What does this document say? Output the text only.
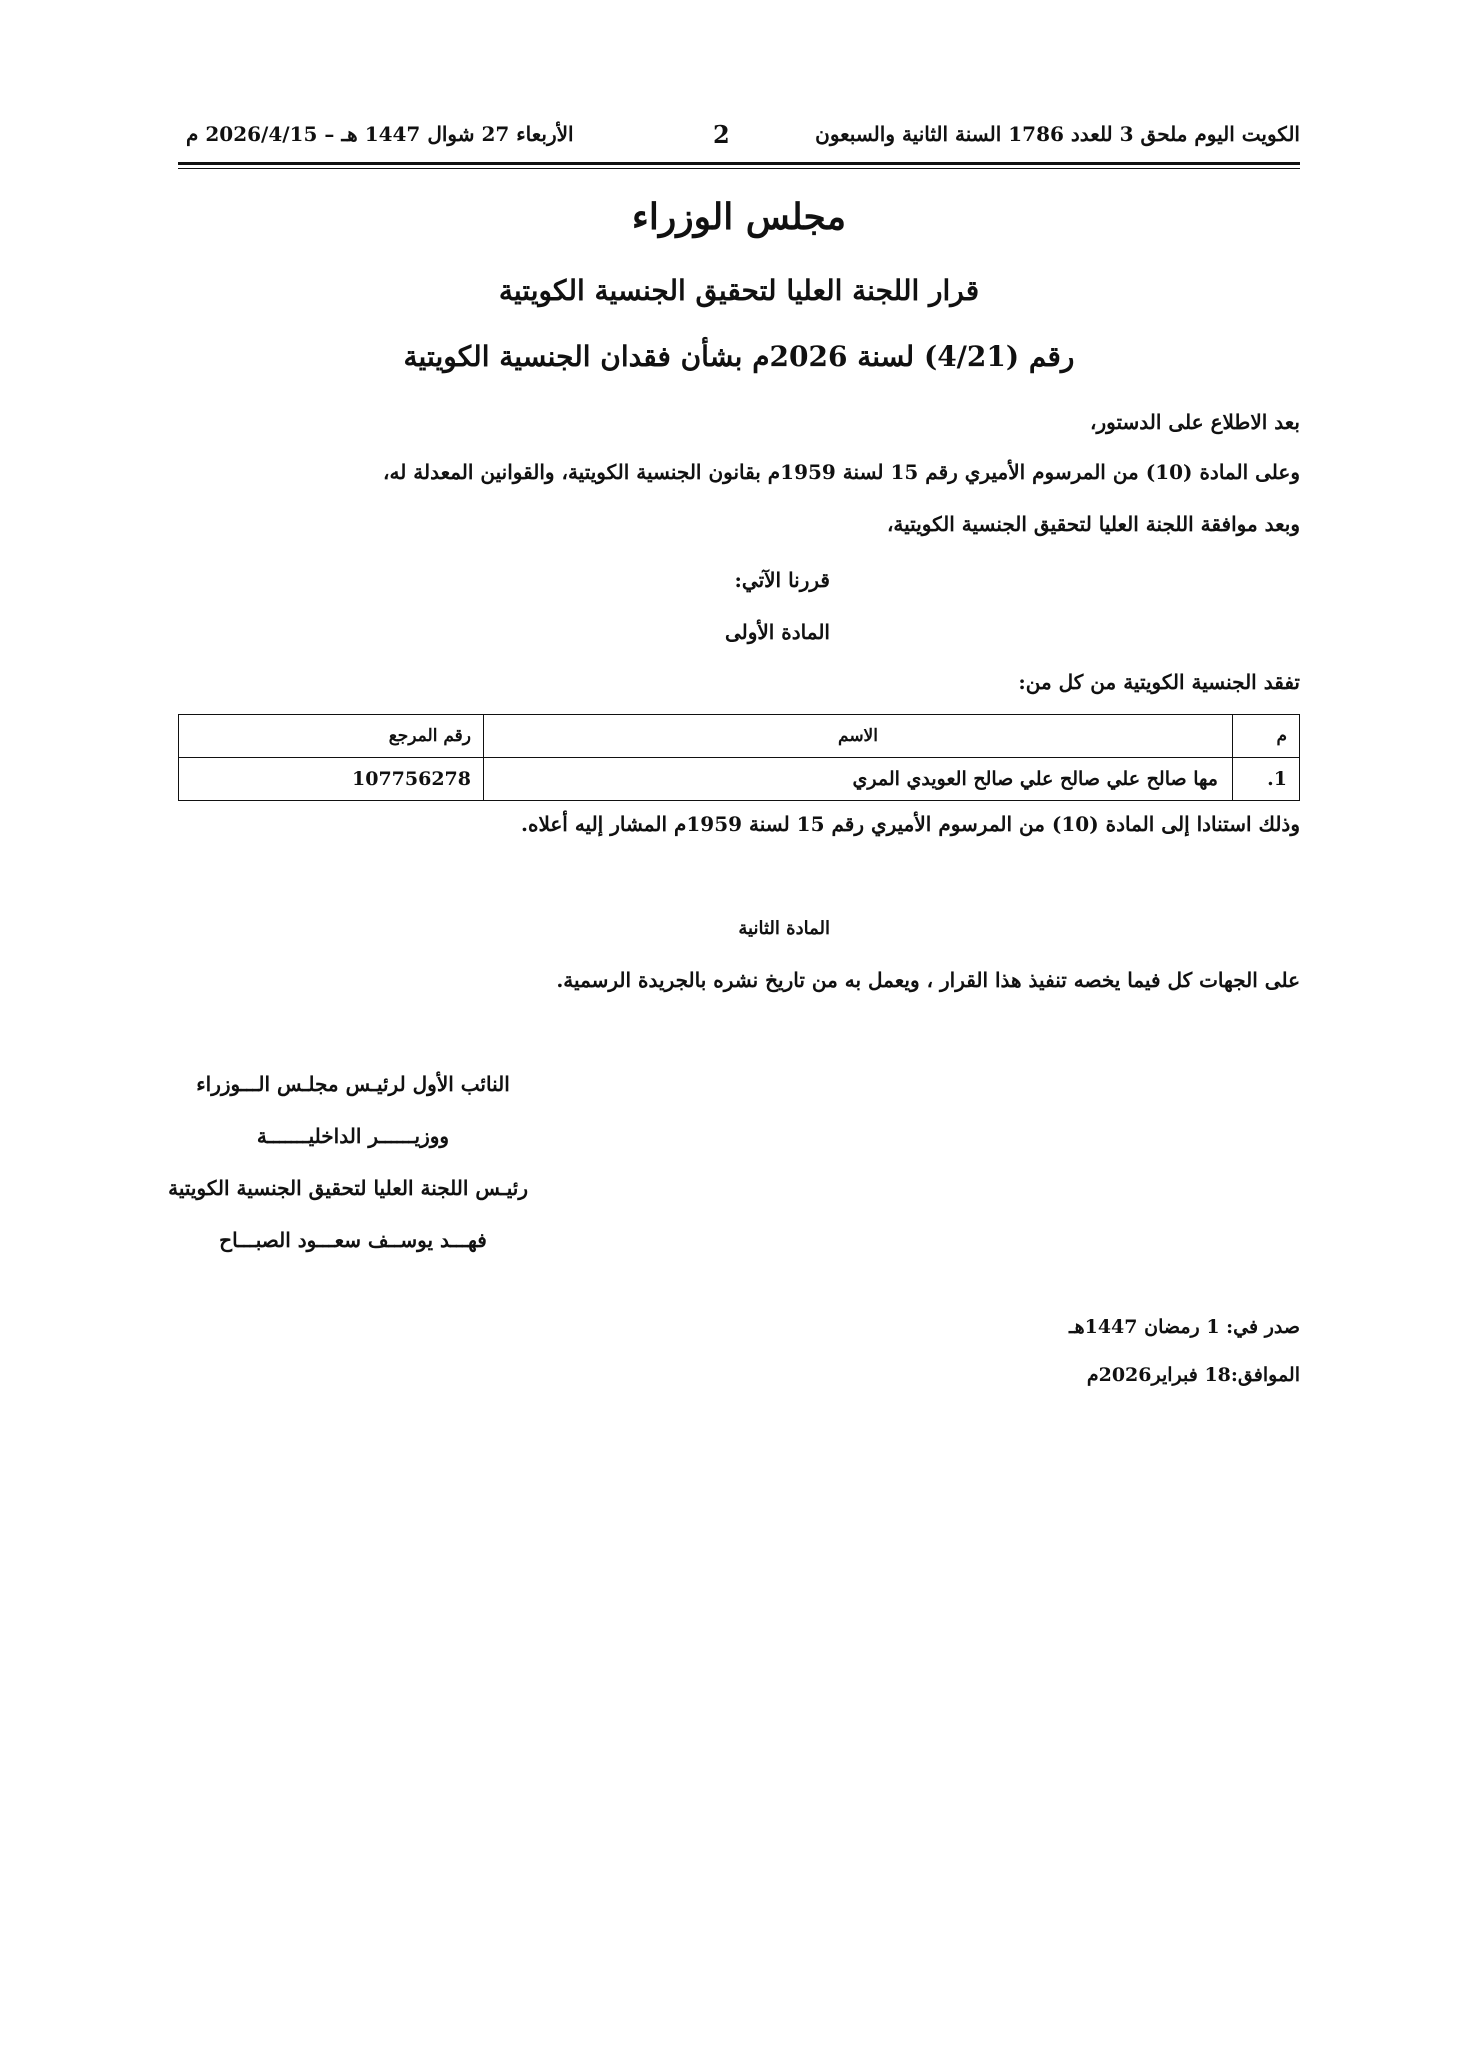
الكويت اليوم ملحق 3 للعدد 1786 السنة الثانية والسبعون
2
الأربعاء 27 شوال 1447 هـ – 2026/4/15 م
مجلس الوزراء
قرار اللجنة العليا لتحقيق الجنسية الكويتية
رقم (4/21) لسنة 2026م بشأن فقدان الجنسية الكويتية
بعد الاطلاع على الدستور،
وعلى المادة (10) من المرسوم الأميري رقم 15 لسنة 1959م بقانون الجنسية الكويتية، والقوانين المعدلة له،
وبعد موافقة اللجنة العليا لتحقيق الجنسية الكويتية،
قررنا الآتي:
المادة الأولى
تفقد الجنسية الكويتية من كل من:
م	الاسم	رقم المرجع
1.	مها صالح علي صالح علي صالح العويدي المري	107756278
وذلك استنادا إلى المادة (10) من المرسوم الأميري رقم 15 لسنة 1959م المشار إليه أعلاه.
المادة الثانية
على الجهات كل فيما يخصه تنفيذ هذا القرار ، ويعمل به من تاريخ نشره بالجريدة الرسمية.
النائب الأول لرئيـس مجلـس الـــوزراء
ووزيــــــر الداخليـــــــة
رئيـس اللجنة العليا لتحقيق الجنسية الكويتية
فهـــد يوســف سعـــود الصبـــاح
صدر في: 1 رمضان 1447هـ
الموافق:18 فبراير2026م
